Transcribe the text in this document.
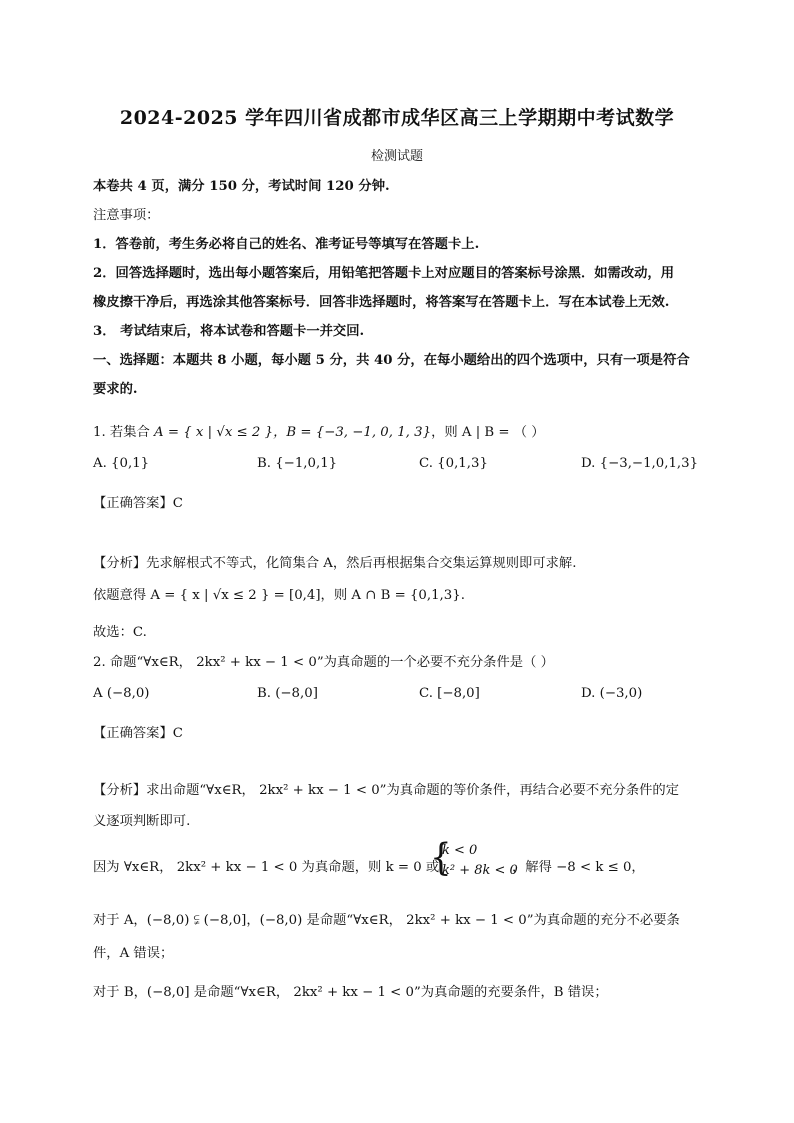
2024-2025 学年四川省成都市成华区高三上学期期中考试数学
检测试题
本卷共 4 页，满分 150 分，考试时间 120 分钟.
注意事项：
1．答卷前，考生务必将自己的姓名、准考证号等填写在答题卡上.
2．回答选择题时，选出每小题答案后，用铅笔把答题卡上对应题目的答案标号涂黑．如需改动，用
橡皮擦干净后，再选涂其他答案标号．回答非选择题时，将答案写在答题卡上．写在本试卷上无效.
3． 考试结束后，将本试卷和答题卡一并交回.
一、选择题：本题共 8 小题，每小题 5 分，共 40 分，在每小题给出的四个选项中，只有一项是符合
要求的.
1. 若集合 A = { x | √x ≤ 2 }，B = {−3, −1, 0, 1, 3}，则 A | B = （ ）
A. {0,1}	B. {−1,0,1}	C. {0,1,3}	D. {−3,−1,0,1,3}
【正确答案】C
【分析】先求解根式不等式，化简集合 A，然后再根据集合交集运算规则即可求解.
依题意得 A = { x | √x ≤ 2 } = [0,4]，则 A ∩ B = {0,1,3}.
故选：C.
2. 命题“∀x∈R， 2kx² + kx − 1 < 0”为真命题的一个必要不充分条件是（ ）
A (−8,0)	B. (−8,0]	C. [−8,0]	D. (−3,0)
【正确答案】C
【分析】求出命题“∀x∈R， 2kx² + kx − 1 < 0”为真命题的等价条件，再结合必要不充分条件的定
义逐项判断即可.
因为 ∀x∈R， 2kx² + kx − 1 < 0 为真命题，则 k = 0 或
{
k < 0
k² + 8k < 0
，解得 −8 < k ≤ 0，
对于 A，(−8,0) ⫋ (−8,0]，(−8,0) 是命题“∀x∈R， 2kx² + kx − 1 < 0”为真命题的充分不必要条
件，A 错误；
对于 B，(−8,0] 是命题“∀x∈R， 2kx² + kx − 1 < 0”为真命题的充要条件，B 错误；
